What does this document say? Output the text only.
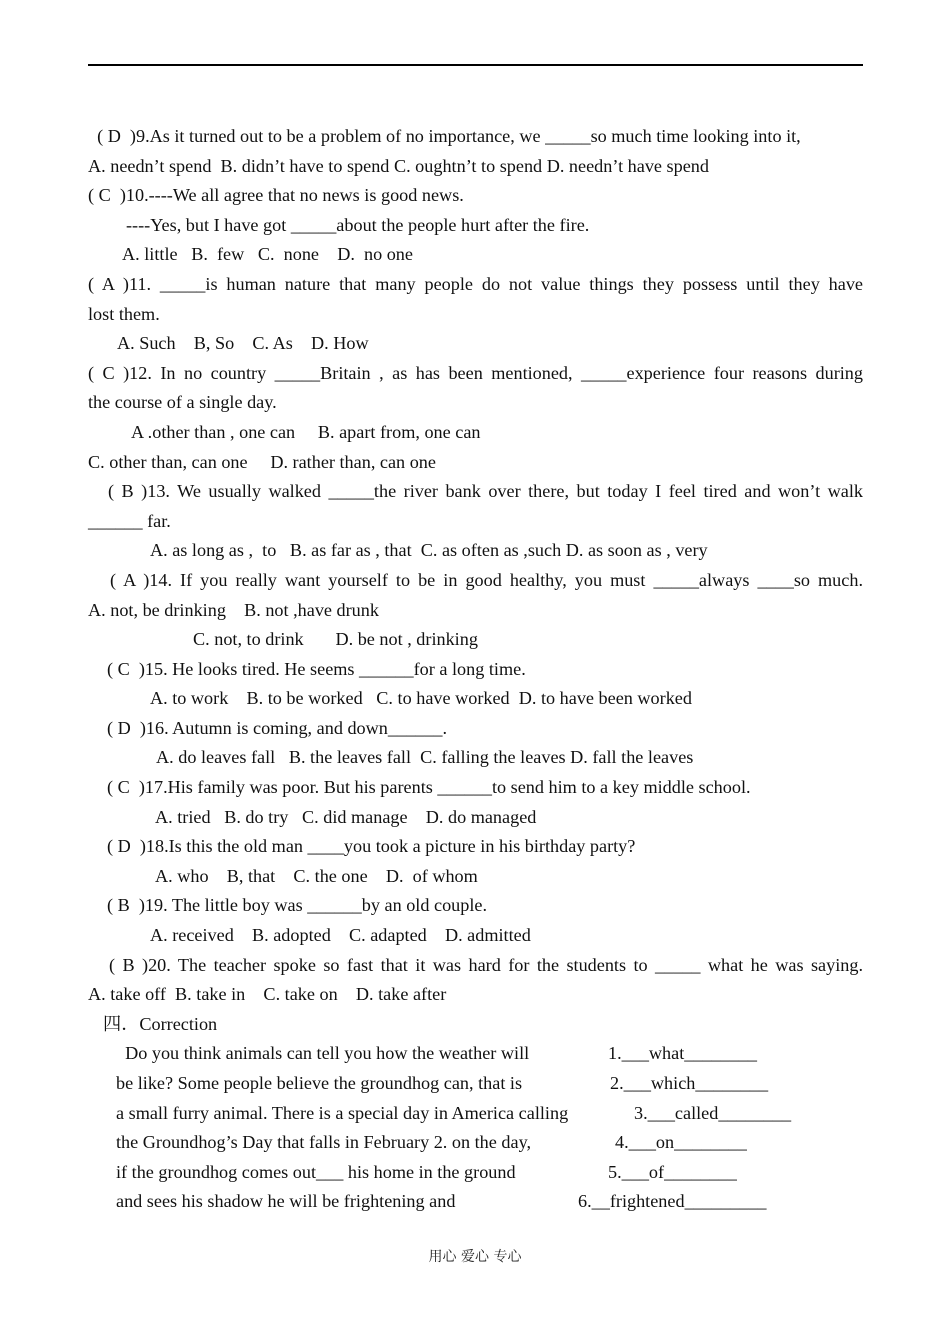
( D  )9.As it turned out to be a problem of no importance, we _____so much time looking into it,
A. needn’t spend  B. didn’t have to spend C. oughtn’t to spend D. needn’t have spend
( C  )10.----We all agree that no news is good news.
----Yes, but I have got _____about the people hurt after the fire.
A. little   B.  few   C.  none    D.  no one
( A )11. _____is human nature that many people do not value things they possess until they have
lost them.
A. Such    B, So    C. As    D. How
( C )12. In no country _____Britain , as has been mentioned, _____experience four reasons during
the course of a single day.
A .other than , one can     B. apart from, one can
C. other than, can one     D. rather than, can one
( B )13. We usually walked _____the river bank over there, but today I feel tired and won’t walk
______ far.
A. as long as ,  to   B. as far as , that  C. as often as ,such D. as soon as , very
( A )14. If you really want yourself to be in good healthy, you must _____always ____so much.
A. not, be drinking    B. not ,have drunk
C. not, to drink       D. be not , drinking
( C  )15. He looks tired. He seems ______for a long time.
A. to work    B. to be worked   C. to have worked  D. to have been worked
( D  )16. Autumn is coming, and down______.
A. do leaves fall   B. the leaves fall  C. falling the leaves D. fall the leaves
( C  )17.His family was poor. But his parents ______to send him to a key middle school.
A. tried   B. do try   C. did manage    D. do managed
( D  )18.Is this the old man ____you took a picture in his birthday party?
A. who    B, that    C. the one    D.  of whom
( B  )19. The little boy was ______by an old couple.
A. received    B. adopted    C. adapted    D. admitted
( B )20. The teacher spoke so fast that it was hard for the students to _____ what he was saying.
A. take off  B. take in    C. take on    D. take after
四．Correction
Do you think animals can tell you how the weather will	1.___what________
be like? Some people believe the groundhog can, that is	2.___which________
a small furry animal. There is a special day in America calling	3.___called________
the Groundhog’s Day that falls in February 2. on the day,	4.___on________
if the groundhog comes out___ his home in the ground	5.___of________
and sees his shadow he will be frightening and	6.__frightened_________
用心 爱心 专心
